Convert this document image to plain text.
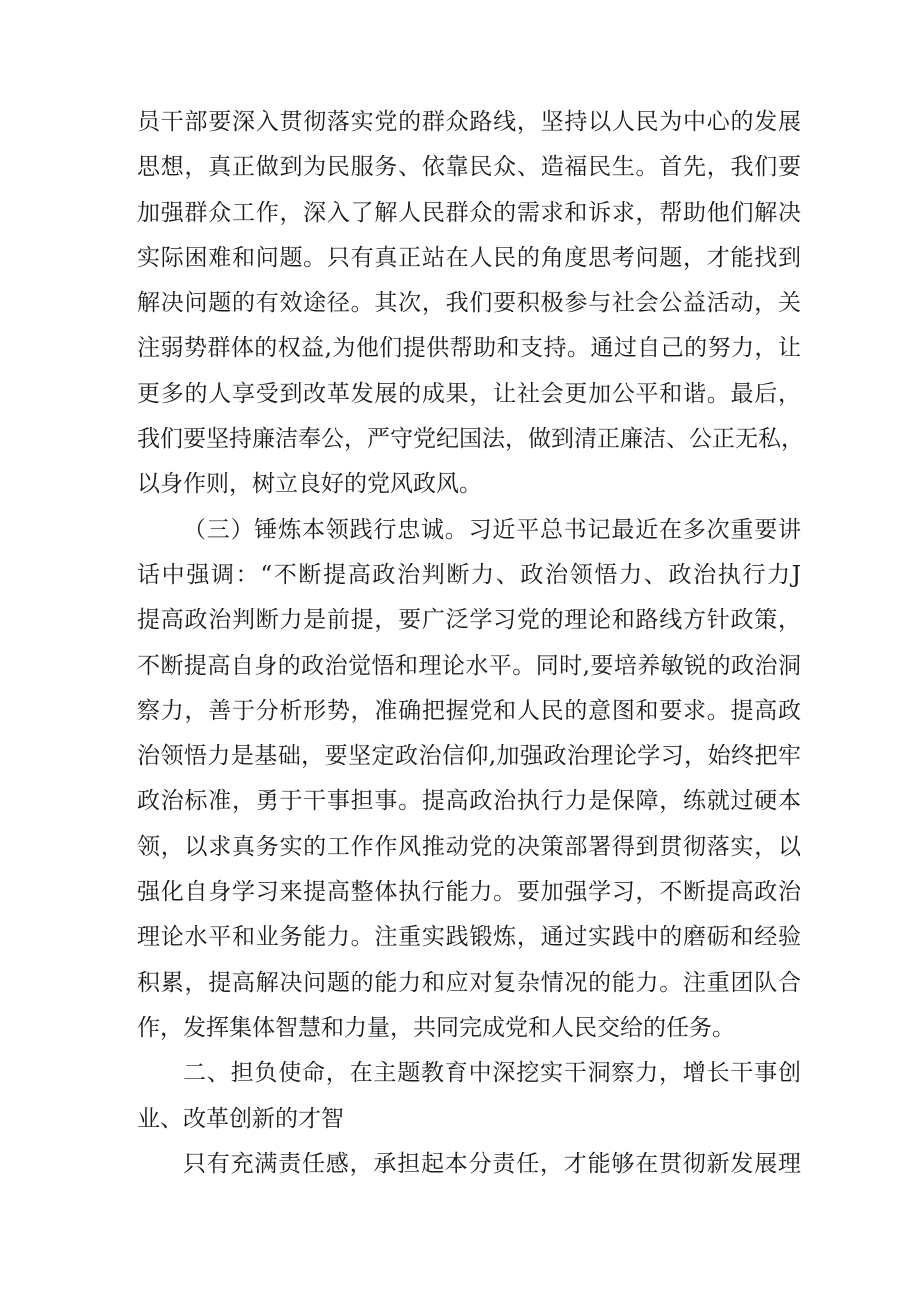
员干部要深入贯彻落实党的群众路线，坚持以人民为中心的发展
思想，真正做到为民服务、依靠民众、造福民生。首先，我们要
加强群众工作，深入了解人民群众的需求和诉求，帮助他们解决
实际困难和问题。只有真正站在人民的角度思考问题，才能找到
解决问题的有效途径。其次，我们要积极参与社会公益活动，关
注弱势群体的权益,为他们提供帮助和支持。通过自己的努力，让
更多的人享受到改革发展的成果，让社会更加公平和谐。最后，
我们要坚持廉洁奉公，严守党纪国法，做到清正廉洁、公正无私，
以身作则，树立良好的党风政风。
（三）锤炼本领践行忠诚。习近平总书记最近在多次重要讲
话中强调：“不断提高政治判断力、政治领悟力、政治执行力J
提高政治判断力是前提，要广泛学习党的理论和路线方针政策，
不断提高自身的政治觉悟和理论水平。同时,要培养敏锐的政治洞
察力，善于分析形势，准确把握党和人民的意图和要求。提高政
治领悟力是基础，要坚定政治信仰,加强政治理论学习，始终把牢
政治标准，勇于干事担事。提高政治执行力是保障，练就过硬本
领，以求真务实的工作作风推动党的决策部署得到贯彻落实，以
强化自身学习来提高整体执行能力。要加强学习，不断提高政治
理论水平和业务能力。注重实践锻炼，通过实践中的磨砺和经验
积累，提高解决问题的能力和应对复杂情况的能力。注重团队合
作，发挥集体智慧和力量，共同完成党和人民交给的任务。
二、担负使命，在主题教育中深挖实干洞察力，增长干事创
业、改革创新的才智
只有充满责任感，承担起本分责任，才能够在贯彻新发展理
